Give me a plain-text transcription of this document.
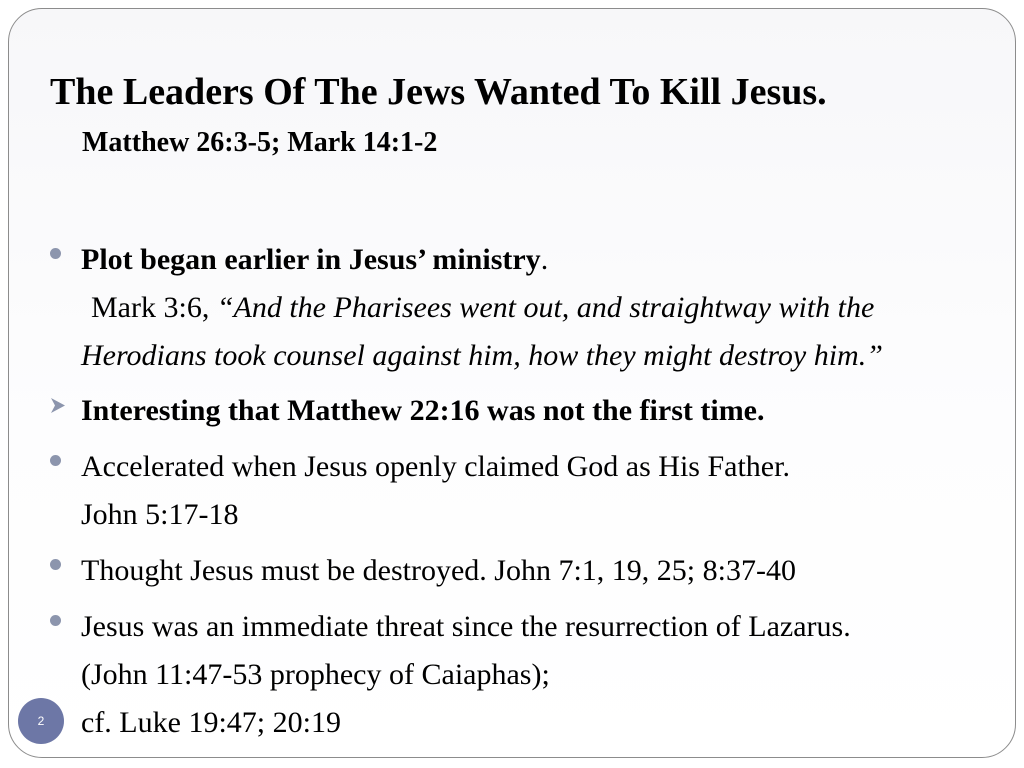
The Leaders Of The Jews Wanted To Kill Jesus.
Matthew 26:3-5; Mark 14:1-2
Plot began earlier in Jesus’ ministry.
Mark 3:6, “And the Pharisees went out, and straightway with the Herodians took counsel against him, how they might destroy him.”
Interesting that Matthew 22:16 was not the first time.
Accelerated when Jesus openly claimed God as His Father.
John 5:17-18
Thought Jesus must be destroyed. John 7:1, 19, 25; 8:37-40
Jesus was an immediate threat since the resurrection of Lazarus. (John 11:47-53 prophecy of Caiaphas);
cf. Luke 19:47; 20:19
2
